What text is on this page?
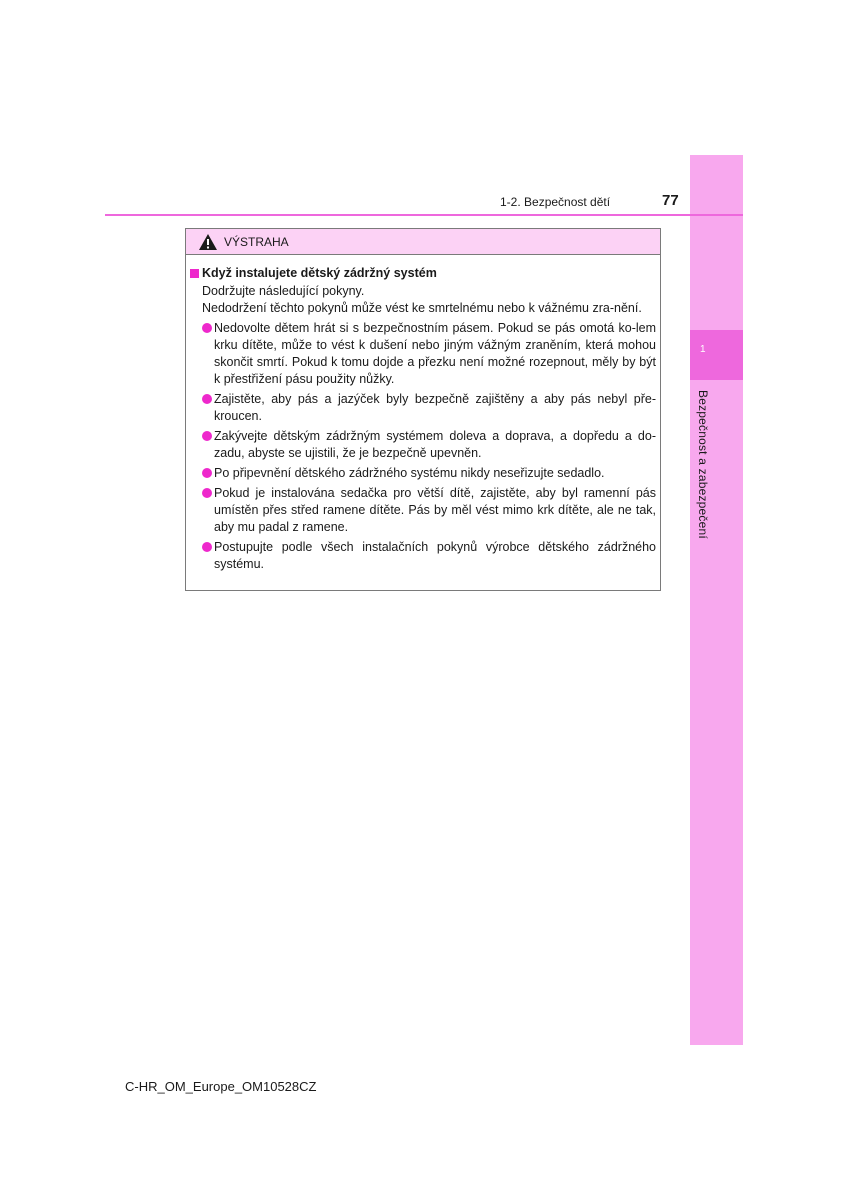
1
Bezpečnost a zabezpečení
1-2. Bezpečnost dětí	77
VÝSTRAHA
Když instalujete dětský zádržný systém

Dodržujte následující pokyny.

Nedodržení těchto pokynů může vést ke smrtelnému nebo k vážnému zra-nění.

Nedovolte dětem hrát si s bezpečnostním pásem. Pokud se pás omotá ko-lem krku dítěte, může to vést k dušení nebo jiným vážným zraněním, která mohou skončit smrtí. Pokud k tomu dojde a přezku není možné rozepnout, měly by být k přestřižení pásu použity nůžky.
Zajistěte, aby pás a jazýček byly bezpečně zajištěny a aby pás nebyl pře-kroucen.
Zakývejte dětským zádržným systémem doleva a doprava, a dopředu a do-zadu, abyste se ujistili, že je bezpečně upevněn.
Po připevnění dětského zádržného systému nikdy neseřizujte sedadlo.
Pokud je instalována sedačka pro větší dítě, zajistěte, aby byl ramenní pás umístěn přes střed ramene dítěte. Pás by měl vést mimo krk dítěte, ale ne tak, aby mu padal z ramene.
Postupujte podle všech instalačních pokynů výrobce dětského zádržného systému.
C-HR_OM_Europe_OM10528CZ
